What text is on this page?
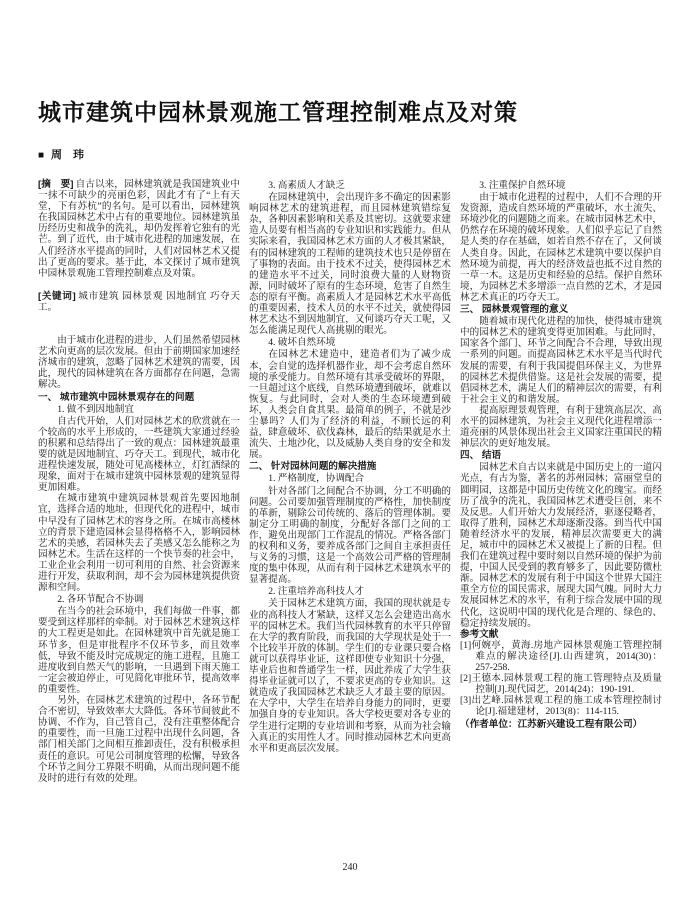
城市建筑中园林景观施工管理控制难点及对策
■ 周　玮
[摘　要] 自古以来，园林建筑就是我国建筑业中一抹不可缺少的亮丽色彩，因此才有了“上有天堂，下有苏杭”的名句。是可以看出，园林建筑在我国园林艺术中占有的重要地位。园林建筑虽历经历史和战争的洗礼，却仍发挥着它独有的光芒。到了近代，由于城市化进程的加速发展，在人们经济水平提高的同时，人们对园林艺术又提出了更高的要求。基于此，本文探讨了城市建筑中园林景观施工管理控制难点及对策。
[关键词] 城市建筑 园林景观 因地制宜 巧夺天工。
由于城市化进程的进步，人们虽然希望园林艺术向更高的层次发展。但由于前期国家加速经济城市的建筑，忽略了园林艺术建筑的需要，因此，现代的园林建筑在各方面都存在问题，急需解决。
一、 城市建筑中园林景观存在的问题
1. 做不到因地制宜
自古代开始，人们对园林艺术的欣赏就在一个较高的水平上形成的，一些建筑大家通过经验的积累和总结得出了一致的观点：园林建筑最重要的就是因地制宜、巧夺天工。到现代，城市化进程快速发展，随处可见高楼林立，灯红酒绿的现象，面对于在城市建筑中园林景观的建筑显得更加困难。
在城市建筑中建筑园林景观首先要因地制宜，选择合适的地址，但现代化的进程中，城市中早没有了园林艺术的容身之所。在城市高楼林立的背景下建造园林会显得格格不入，影响园林艺术的美感，若园林失去了美感又怎么能称之为园林艺术。生活在这样的一个快节奏的社会中，工业企业会利用一切可利用的自然、社会资源来进行开发，获取利润，却不会为园林建筑提供资源和空间。
2. 各环节配合不协调
在当今的社会环境中，我们每做一件事，都要受到这样那样的牵制。对于园林艺术建筑这样的大工程更是如此。在园林建筑中首先就是施工环节多，但是审批程序不仅环节多，而且效率低，导致不能及时完成规定的施工进程，且施工进度收到自然天气的影响，一旦遇到下雨天施工一定会被迫停止，可见简化审批环节，提高效率的重要性。
另外，在园林艺术建筑的过程中，各环节配合不密切，导致效率大大降低。各环节间彼此不协调、不作为，自己管自己，没有注重整体配合的重要性，而一旦施工过程中出现什么问题，各部门相关部门之间相互推卸责任，没有积极承担责任的意识。可见公司制度管理的松懈，导致各个环节之间分工界限不明确，从而出现问题不能及时的进行有效的处理。
3. 高素质人才缺乏
在园林建筑中，会出现许多不确定的因素影响园林艺术的建筑进程，而且园林建筑错综复杂，各种因素影响和关系及其密切。这就要求建造人员要有相当高的专业知识和实践能力。但从实际来看，我国园林艺术方面的人才极其紧缺，有的园林建筑的工程师的建筑技术也只是停留在了事物的表面。由于技术不过关，使得园林艺术的建造水平不过关，同时浪费大量的人财物资源，同时破坏了原有的生态环境，危害了自然生态的原有平衡。高素质人才是园林艺术水平高低的重要因素，技术人员的水平不过关，就使得园林艺术达不到因地制宜，又何谈巧夺天工呢，又怎么能满足现代人高挑剔的眼光。
4. 破坏自然环境
在园林艺术建造中，建造者们为了减少成本，会自觉的选择机器作业，却不会考虑自然环境的承受能力。自然环境有其承受破坏的界限，一旦超过这个底线，自然环境遭到破坏，就难以恢复。与此同时，会对人类的生态环境遭到破坏，人类会自食其果。最简单的例子，不就是沙尘暴吗？人们为了经济的利益，不顾长远的利益，肆意破坏、砍伐森林，最后的结果就是水土流失、土地沙化，以及威胁人类自身的安全和发展。
二、 针对园林问题的解决措施
1. 严格制度，协调配合
针对各部门之间配合不协调，分工不明确的问题。公司要加强管理制度的严格性，加快制度的革新，剔除公司传统的、落后的管理体制。要制定分工明确的制度，分配好各部门之间的工作，避免出现部门工作混乱的情况。严格各部门的权利和义务，要养成各部门之间自主承担责任与义务的习惯，这是一个高效公司严格的管理制度的集中体现，从而有利于园林艺术建筑水平的显著提高。
2. 注重培养高科技人才
关于园林艺术建筑方面，我国的现状就是专业的高科技人才紧缺，这样又怎么会建造出高水平的园林艺术。我们当代园林教育的水平只停留在大学的教育阶段，而我国的大学现状是处于一个比较半开放的体制。学生们的专业课只要合格就可以获得毕业证，这样即使专业知识十分强，毕业后也和普通学生一样，因此养成了大学生获得毕业证就可以了，不要求更高的专业知识。这就造成了我国园林艺术缺乏人才最主要的原因。在大学中，大学生在培养自身能力的同时，更要加强自身的专业知识。各大学校更要对各专业的学生进行定期的专业培训和考察，从而为社会输入真正的实用性人才。同时推动园林艺术向更高水平和更高层次发展。
3. 注重保护自然环境
由于城市化进程的过程中，人们不合理的开发资源，造成自然环境的严重破坏，水土流失、环境沙化的问题随之而来。在城市园林艺术中，仍然存在环境的破坏现象。人们似乎忘记了自然是人类的存在基础，如若自然不存在了，又何谈人类自身。因此，在园林艺术建筑中要以保护自然环境为前提，再大的经济效益也抵不过自然的一草一木。这是历史和经验的总结。保护自然环境，为园林艺术多增添一点自然的艺术，才是园林艺术真正的巧夺天工。
三、 园林景观管理的意义
随着城市现代化进程的加快，使得城市建筑中的园林艺术的建筑变得更加困难。与此同时，国家各个部门、环节之间配合不合理，导致出现一系列的问题。而提高园林艺术水平是当代时代发展的需要，有利于我国提倡环保主义，为世界的园林艺术提供借鉴。这是社会发展的需要，提倡园林艺术，满足人们的精神层次的需要，有利于社会主义的和谐发展。
提高原理景观管理，有利于建筑高层次、高水平的园林建筑，为社会主义现代化进程增添一道亮丽的风景体现出社会主义国家注重国民的精神层次的更好地发展。
四、 结语
园林艺术自古以来就是中国历史上的一道闪光点，有古为鉴，著名的苏州园林；富丽堂皇的圆明园，这都是中国历史传统文化的瑰宝。而经历了战争的洗礼，我国园林艺术遭受巨创，来不及反思。人们开始大力发展经济，驱逐侵略者，取得了胜利，园林艺术却逐渐没落。到当代中国随着经济水平的发展，精神层次需要更大的满足，城市中的园林艺术又被提上了新的日程。但我们在建筑过程中要时刻以自然环境的保护为前提，中国人民受到的教育够多了，因此要防微杜渐。园林艺术的发展有利于中国这个世界大国注重全方位的国民需求，展现大国气魄。同时大力发展园林艺术的水平，有利于综合发展中国的现代化，这说明中国的现代化是合理的、绿色的、稳定持续发展的。
参考文献
[1]何婉亭，黄海.房地产园林景观施工管理控制难点的解决途径[J].山西建筑，2014(30)：257-258.
[2]王德本.园林景观工程的施工管理特点及质量控制[J].现代园艺，2014(24)：190-191.
[3]出艺峰.园林景观工程的施工成本管理控制讨论[J].福建建材，2013(8)：114-115.
（作者单位：江苏新兴建设工程有限公司）
240
